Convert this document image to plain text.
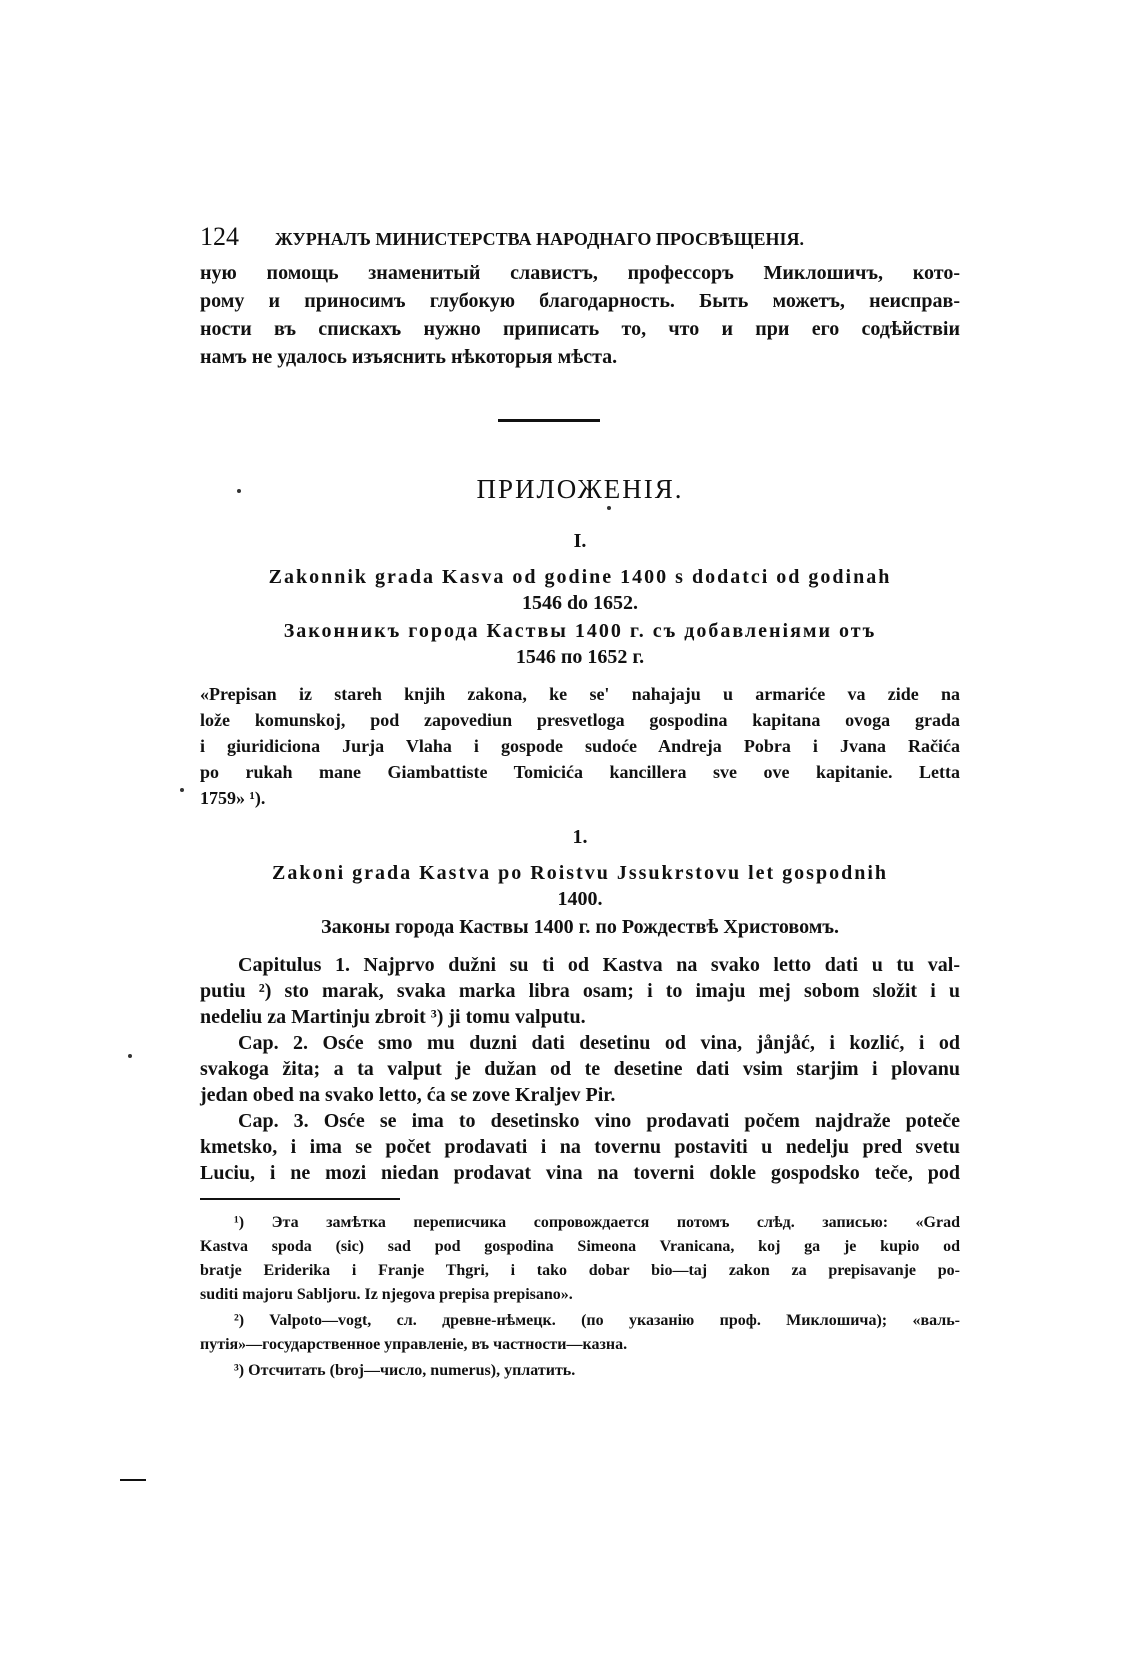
124 ЖУРНАЛЪ МИНИСТЕРСТВА НАРОДНАГО ПРОСВѢЩЕНІЯ.
ную помощь знаменитый славистъ, профессоръ Миклошичъ, кото-
рому и приносимъ глубокую благодарность. Быть можетъ, неисправ-
ности въ спискахъ нужно приписать то, что и при его содѣйствіи
намъ не удалось изъяснить нѣкоторыя мѣста.
ПРИЛОЖЕНІЯ.
I.
Zakonnik grada Kasva od godine 1400 s dodatci od godinah
1546 do 1652.
Законникъ города Каствы 1400 г. съ добавленіями отъ
1546 по 1652 г.
«Prepisan iz stareh knjih zakona, ke se' nahajaju u armariće va zide na
lože komunskoj, pod zapovediun presvetloga gospodina kapitana ovoga grada
i giuridiciona Jurja Vlaha i gospode sudoće Andreja Pobra i Jvana Račića
po rukah mane Giambattiste Tomicića kancillera sve ove kapitanie. Letta
1759» ¹).
1.
Zakoni grada Kastva po Roistvu Jssukrstovu let gospodnih
1400.
Законы города Каствы 1400 г. по Рождествѣ Христовомъ.
Capitulus 1. Najprvo dužni su ti od Kastva na svako letto dati u tu val-
putiu ²) sto marak, svaka marka libra osam; i to imaju mej sobom složit i u
nedeliu za Martinju zbroit ³) ji tomu valputu.
Cap. 2. Osće smo mu duzni dati desetinu od vina, jånjåć, i kozlić, i od
svakoga žita; a ta valput je dužan od te desetine dati vsim starjim i plovanu
jedan obed na svako letto, ća se zove Kraljev Pir.
Cap. 3. Osće se ima to desetinsko vino prodavati počem najdraže poteče
kmetsko, i ima se počet prodavati i na tovernu postaviti u nedelju pred svetu
Luciu, i ne mozi niedan prodavat vina na toverni dokle gospodsko teče, pod
¹) Эта замѣтка переписчика сопровождается потомъ слѣд. записью: «Grad
Kastva spoda (sic) sad pod gospodina Simeona Vranicana, koj ga je kupio od
bratje Eriderika i Franje Thgri, i tako dobar bio—taj zakon za prepisavanje po-
suditi majoru Sabljoru. Iz njegova prepisa prepisano».
²) Valpoto—vogt, сл. древне-нѣмецк. (по указанію проф. Миклошича); «валь-
путія»—государственное управленіе, въ частности—казна.
³) Отсчитать (broj—число, numerus), уплатить.
